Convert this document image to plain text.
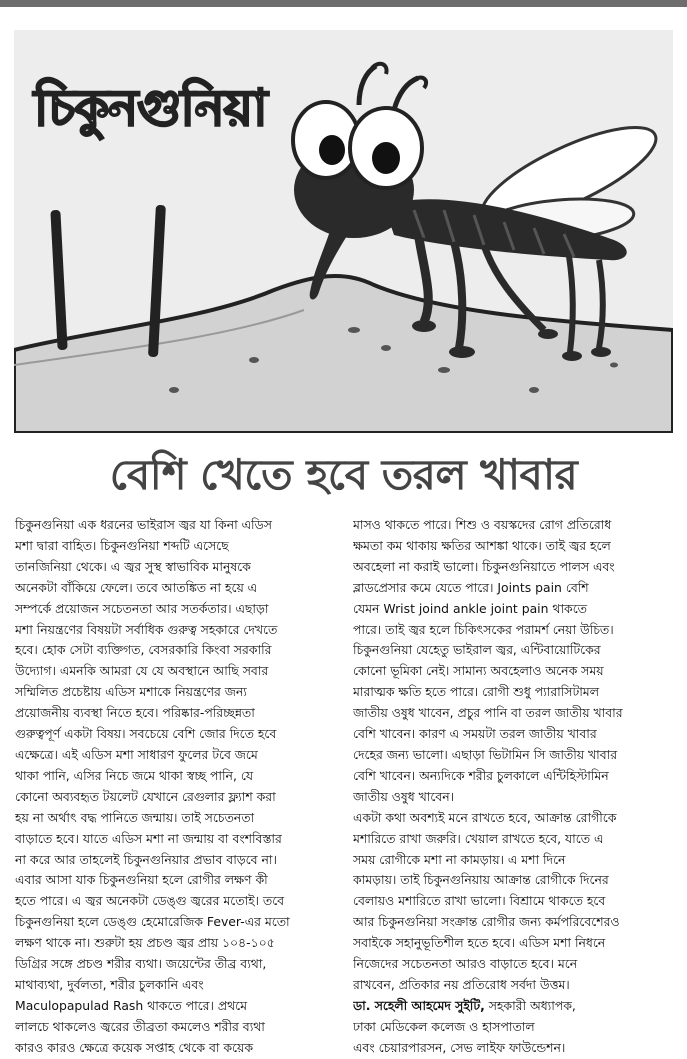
চিকুনগুনিয়া
বেশি খেতে হবে তরল খাবার
চিকুনগুনিয়া এক ধরনের ভাইরাস জ্বর যা কিনা এডিস
মশা দ্বারা বাহিত। চিকুনগুনিয়া শব্দটি এসেছে
তানজিনিয়া থেকে। এ জ্বর সুস্থ স্বাভাবিক মানুষকে
অনেকটা বাঁকিয়ে ফেলে। তবে আতঙ্কিত না হয়ে এ
সম্পর্কে প্রয়োজন সচেতনতা আর সতর্কতার। এছাড়া
মশা নিয়ন্ত্রণের বিষয়টা সর্বাধিক গুরুত্ব সহকারে দেখতে
হবে। হোক সেটা ব্যক্তিগত, বেসরকারি কিংবা সরকারি
উদ্যোগ। এমনকি আমরা যে যে অবস্থানে আছি সবার
সম্মিলিত প্রচেষ্টায় এডিস মশাকে নিয়ন্ত্রণের জন্য
প্রয়োজনীয় ব্যবস্থা নিতে হবে। পরিষ্কার-পরিচ্ছন্নতা
গুরুত্বপূর্ণ একটা বিষয়। সবচেয়ে বেশি জোর দিতে হবে
এক্ষেত্রে। এই এডিস মশা সাধারণ ফুলের টবে জমে
থাকা পানি, এসির নিচে জমে থাকা স্বচ্ছ পানি, যে
কোনো অব্যবহৃত টয়লেট যেখানে রেগুলার ফ্ল্যাশ করা
হয় না অর্থাৎ বদ্ধ পানিতে জন্মায়। তাই সচেতনতা
বাড়াতে হবে। যাতে এডিস মশা না জন্মায় বা বংশবিস্তার
না করে আর তাহলেই চিকুনগুনিয়ার প্রভাব বাড়বে না।
এবার আসা যাক চিকুনগুনিয়া হলে রোগীর লক্ষণ কী
হতে পারে। এ জ্বর অনেকটা ডেঙ্গু জ্বরের মতোই। তবে
চিকুনগুনিয়া হলে ডেঙ্গু হেমোরেজিক Fever-এর মতো
লক্ষণ থাকে না। শুরুটা হয় প্রচণ্ড জ্বর প্রায় ১০৪-১০৫
ডিগ্রির সঙ্গে প্রচণ্ড শরীর ব্যথা। জয়েন্টের তীব্র ব্যথা,
মাথাব্যথা, দুর্বলতা, শরীর চুলকানি এবং
Maculopapulad Rash থাকতে পারে। প্রথমে
লালচে থাকলেও জ্বরের তীব্রতা কমলেও শরীর ব্যথা
কারও কারও ক্ষেত্রে কয়েক সপ্তাহ থেকে বা কয়েক
মাসও থাকতে পারে। শিশু ও বয়স্কদের রোগ প্রতিরোধ
ক্ষমতা কম থাকায় ক্ষতির আশঙ্কা থাকে। তাই জ্বর হলে
অবহেলা না করাই ভালো। চিকুনগুনিয়াতে পালস এবং
ব্লাডপ্রেসার কমে যেতে পারে। Joints pain বেশি
যেমন Wrist joind ankle joint pain থাকতে
পারে। তাই জ্বর হলে চিকিৎসকের পরামর্শ নেয়া উচিত।
চিকুনগুনিয়া যেহেতু ভাইরাল জ্বর, এন্টিবায়োটিকের
কোনো ভূমিকা নেই। সামান্য অবহেলাও অনেক সময়
মারাত্মক ক্ষতি হতে পারে। রোগী শুধু প্যারাসিটামল
জাতীয় ওষুধ খাবেন, প্রচুর পানি বা তরল জাতীয় খাবার
বেশি খাবেন। কারণ এ সময়টা তরল জাতীয় খাবার
দেহের জন্য ভালো। এছাড়া ভিটামিন সি জাতীয় খাবার
বেশি খাবেন। অন্যদিকে শরীর চুলকালে এন্টিহিস্টামিন
জাতীয় ওষুধ খাবেন।
একটা কথা অবশ্যই মনে রাখতে হবে, আক্রান্ত রোগীকে
মশারিতে রাখা জরুরি। খেয়াল রাখতে হবে, যাতে এ
সময় রোগীকে মশা না কামড়ায়। এ মশা দিনে
কামড়ায়। তাই চিকুনগুনিয়ায় আক্রান্ত রোগীকে দিনের
বেলায়ও মশারিতে রাখা ভালো। বিশ্রামে থাকতে হবে
আর চিকুনগুনিয়া সংক্রান্ত রোগীর জন্য কর্মপরিবেশেরও
সবাইকে সহানুভূতিশীল হতে হবে। এডিস মশা নিধনে
নিজেদের সচেতনতা আরও বাড়াতে হবে। মনে
রাখবেন, প্রতিকার নয় প্রতিরোধ সর্বদা উত্তম।
ডা. সহেলী আহমেদ সুইটি, সহকারী অধ্যাপক,
ঢাকা মেডিকেল কলেজ ও হাসপাতাল
এবং চেয়ারপারসন, সেভ লাইফ ফাউন্ডেশন।
